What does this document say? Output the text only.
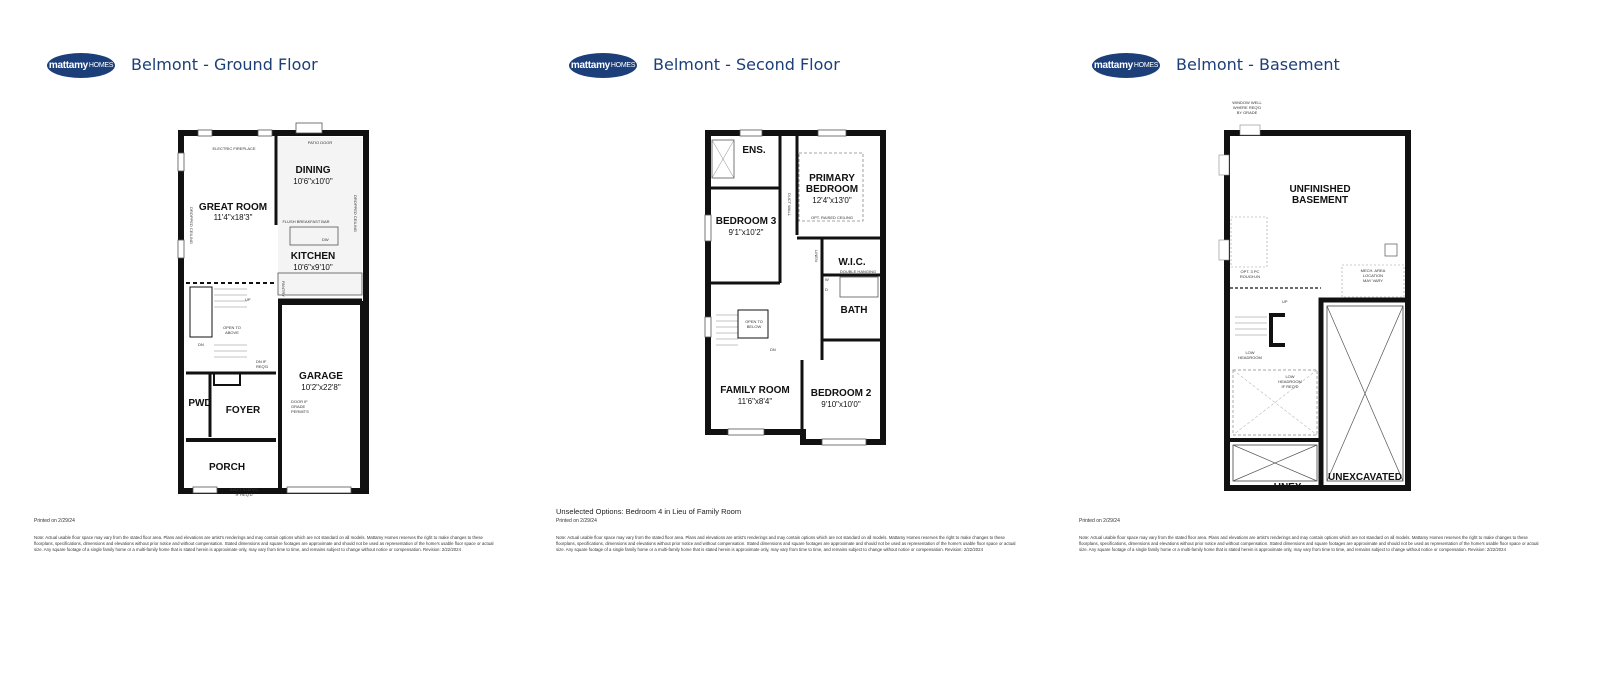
mattamy HOMES Belmont - Ground Floor
GREAT ROOM
11'4"x18'3"
DINING
10'6"x10'0"
KITCHEN
10'6"x9'10"
GARAGE
10'2"x22'8"
PWD
FOYER
PORCH
ELECTRIC FIREPLACE
PATIO DOOR
DROPPED CEILING	DROPPED CEILING
FLUSH BREAKFAST BAR
DW
PANTRY
OPEN TO
ABOVE
UP
DN
DN IF
REQ'D
DOOR IF
GRADE
PERMITS
INSET STEP(S)
IF REQ'D
Printed on 2/29/24
Note: Actual usable floor space may vary from the stated floor area. Plans and elevations are artist's renderings and may contain options which are not standard on all models. Mattamy Homes reserves the right to make changes to these floorplans, specifications, dimensions and elevations without prior notice and without compensation. Stated dimensions and square footages are approximate and should not be used as representation of the home's usable floor space or actual size. Any square footage of a single family home or a multi-family home that is stated herein is approximate only, may vary from time to time, and remains subject to change without notice or compensation. Revision: 2/22/2024
mattamy HOMES Belmont - Second Floor
ENS.
PRIMARY
BEDROOM
12'4"x13'0"
BEDROOM 3
9'1"x10'2"
W.I.C.
BATH
FAMILY ROOM
11'6"x8'4"
BEDROOM 2
9'10"x10'0"
OPT. RAISED CEILING
LINEN
DOUBLE HANGING
OPEN TO
BELOW
DN
DUCT WALL
W
D
Unselected Options: Bedroom 4 in Lieu of Family Room
Printed on 2/29/24
Note: Actual usable floor space may vary from the stated floor area. Plans and elevations are artist's renderings and may contain options which are not standard on all models. Mattamy Homes reserves the right to make changes to these floorplans, specifications, dimensions and elevations without prior notice and without compensation. Stated dimensions and square footages are approximate and should not be used as representation of the home's usable floor space or actual size. Any square footage of a single family home or a multi-family home that is stated herein is approximate only, may vary from time to time, and remains subject to change without notice or compensation. Revision: 2/22/2024
mattamy HOMES Belmont - Basement
UNFINISHED
BASEMENT
UNEXCAVATED
UNEX.
WINDOW WELL
WHERE REQ'D
BY GRADE
OPT. 3 PC
ROUGH-IN
MECH. AREA
LOCATION
MAY VARY
UP
LOW
HEADROOM
LOW
HEADROOM
IF REQ'D
Printed on 2/29/24
Note: Actual usable floor space may vary from the stated floor area. Plans and elevations are artist's renderings and may contain options which are not standard on all models. Mattamy Homes reserves the right to make changes to these floorplans, specifications, dimensions and elevations without prior notice and without compensation. Stated dimensions and square footages are approximate and should not be used as representation of the home's usable floor space or actual size. Any square footage of a single family home or a multi-family home that is stated herein is approximate only, may vary from time to time, and remains subject to change without notice or compensation. Revision: 2/22/2024
